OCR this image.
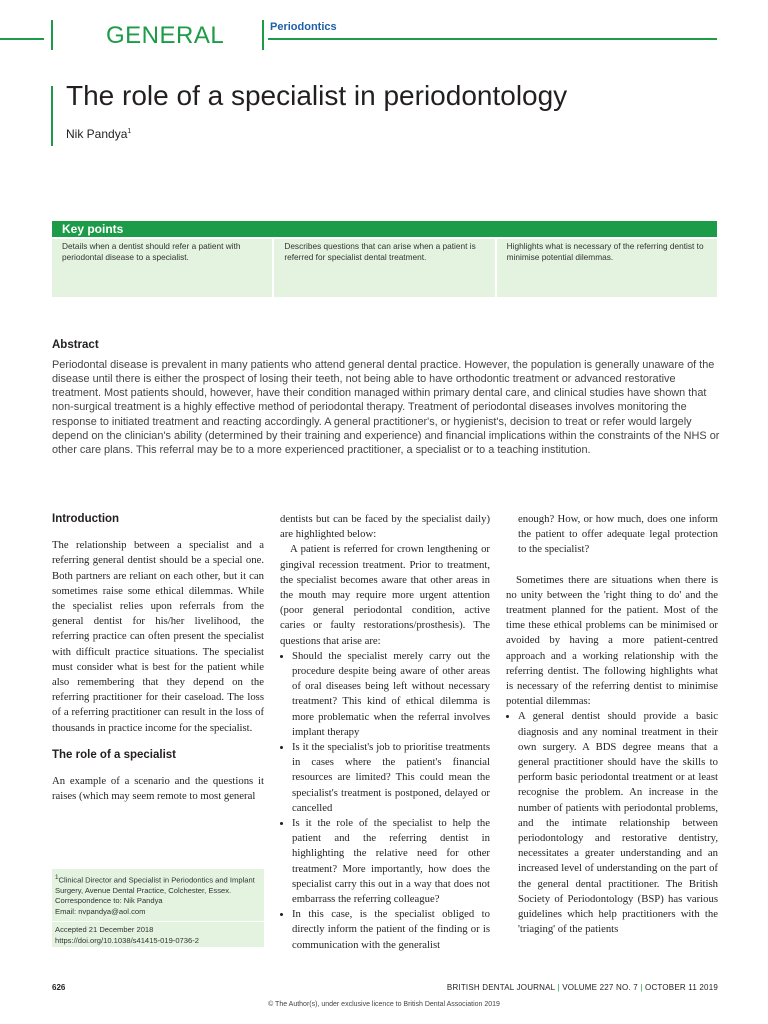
GENERAL	Periodontics
The role of a specialist in periodontology
Nik Pandya$^1$
Key points
Details when a dentist should refer a patient with periodontal disease to a specialist.
Describes questions that can arise when a patient is referred for specialist dental treatment.
Highlights what is necessary of the referring dentist to minimise potential dilemmas.
Abstract
Periodontal disease is prevalent in many patients who attend general dental practice. However, the population is generally unaware of the disease until there is either the prospect of losing their teeth, not being able to have orthodontic treatment or advanced restorative treatment. Most patients should, however, have their condition managed within primary dental care, and clinical studies have shown that non-surgical treatment is a highly effective method of periodontal therapy. Treatment of periodontal diseases involves monitoring the response to initiated treatment and reacting accordingly. A general practitioner's, or hygienist's, decision to treat or refer would largely depend on the clinician's ability (determined by their training and experience) and financial implications within the constraints of the NHS or other care plans. This referral may be to a more experienced practitioner, a specialist or to a teaching institution.

Introduction

The relationship between a specialist and a referring general dentist should be a special one. Both partners are reliant on each other, but it can sometimes raise some ethical dilemmas. While the specialist relies upon referrals from the general dentist for his/her livelihood, the referring practice can often present the specialist with difficult practice situations. The specialist must consider what is best for the patient while also remembering that they depend on the referring practitioner for their caseload. The loss of a referring practitioner can result in the loss of thousands in practice income for the specialist.

The role of a specialist

An example of a scenario and the questions it raises (which may seem remote to most general

$^1$Clinical Director and Specialist in Periodontics and Implant Surgery, Avenue Dental Practice, Colchester, Essex.
Correspondence to: Nik Pandya
Email: nvpandya@aol.com
Accepted 21 December 2018
https://doi.org/10.1038/s41415-019-0736-2

dentists but can be faced by the specialist daily) are highlighted below:

A patient is referred for crown lengthening or gingival recession treatment. Prior to treatment, the specialist becomes aware that other areas in the mouth may require more urgent attention (poor general periodontal condition, active caries or faulty restorations/prosthesis). The questions that arise are:

• Should the specialist merely carry out the procedure despite being aware of other areas of oral diseases being left without necessary treatment? This kind of ethical dilemma is more problematic when the referral involves implant therapy
• Is it the specialist's job to prioritise treatments in cases where the patient's financial resources are limited? This could mean the specialist's treatment is postponed, delayed or cancelled
• Is it the role of the specialist to help the patient and the referring dentist in highlighting the relative need for other treatment? More importantly, how does the specialist carry this out in a way that does not embarrass the referring colleague?
• In this case, is the specialist obliged to directly inform the patient of the finding or is communication with the generalist

enough? How, or how much, does one inform the patient to offer adequate legal protection to the specialist?

Sometimes there are situations when there is no unity between the 'right thing to do' and the treatment planned for the patient. Most of the time these ethical problems can be minimised or avoided by having a more patient-centred approach and a working relationship with the referring dentist. The following highlights what is necessary of the referring dentist to minimise potential dilemmas:

• A general dentist should provide a basic diagnosis and any nominal treatment in their own surgery. A BDS degree means that a general practitioner should have the skills to perform basic periodontal treatment or at least recognise the problem. An increase in the number of patients with periodontal problems, and the intimate relationship between periodontology and restorative dentistry, necessitates a greater understanding and an increased level of understanding on the part of the general dental practitioner. The British Society of Periodontology (BSP) has various guidelines which help practitioners with the 'triaging' of the patients
626	BRITISH DENTAL JOURNAL | VOLUME 227 NO. 7 | OCTOBER 11 2019
© The Author(s), under exclusive licence to British Dental Association 2019
